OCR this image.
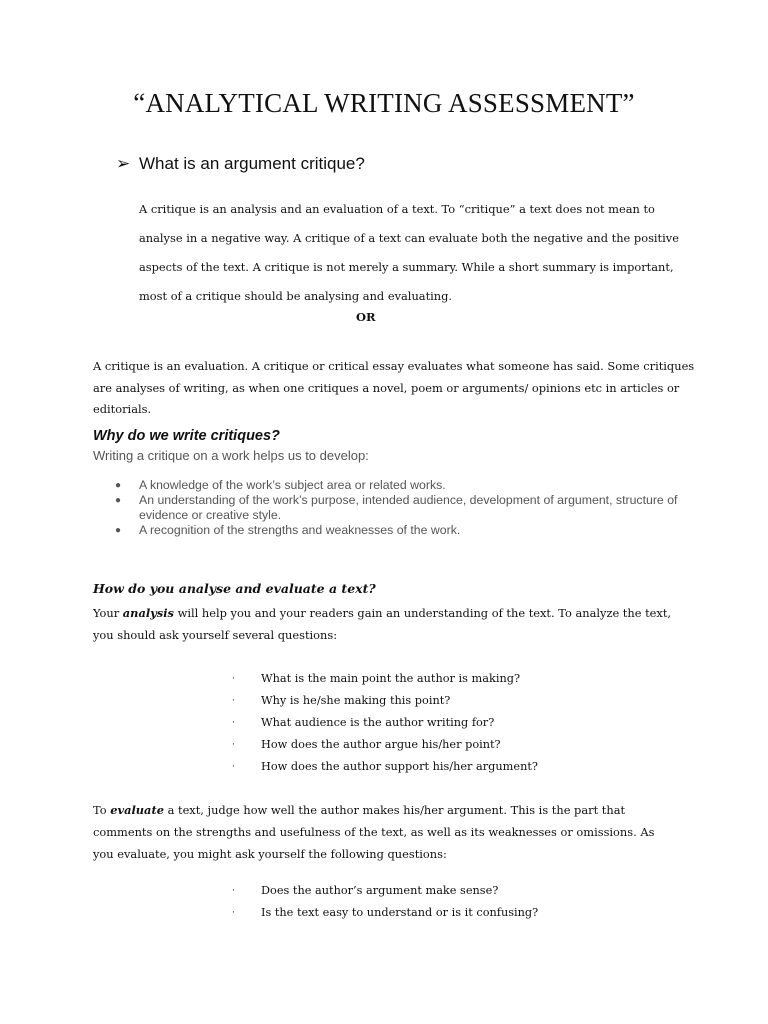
“ANALYTICAL WRITING ASSESSMENT”
➢ What is an argument critique?
A critique is an analysis and an evaluation of a text. To “critique” a text does not mean to
analyse in a negative way. A critique of a text can evaluate both the negative and the positive
aspects of the text. A critique is not merely a summary. While a short summary is important,
most of a critique should be analysing and evaluating.
OR
A critique is an evaluation. A critique or critical essay evaluates what someone has said. Some critiques
are analyses of writing, as when one critiques a novel, poem or arguments/ opinions etc in articles or
editorials.
Why do we write critiques?
Writing a critique on a work helps us to develop:
● A knowledge of the work’s subject area or related works.
● An understanding of the work’s purpose, intended audience, development of argument, structure of evidence or creative style.
● A recognition of the strengths and weaknesses of the work.
How do you analyse and evaluate a text?
Your analysis will help you and your readers gain an understanding of the text. To analyze the text,
you should ask yourself several questions:
· What is the main point the author is making?
· Why is he/she making this point?
· What audience is the author writing for?
· How does the author argue his/her point?
· How does the author support his/her argument?
To evaluate a text, judge how well the author makes his/her argument. This is the part that
comments on the strengths and usefulness of the text, as well as its weaknesses or omissions. As
you evaluate, you might ask yourself the following questions:
· Does the author’s argument make sense?
· Is the text easy to understand or is it confusing?
